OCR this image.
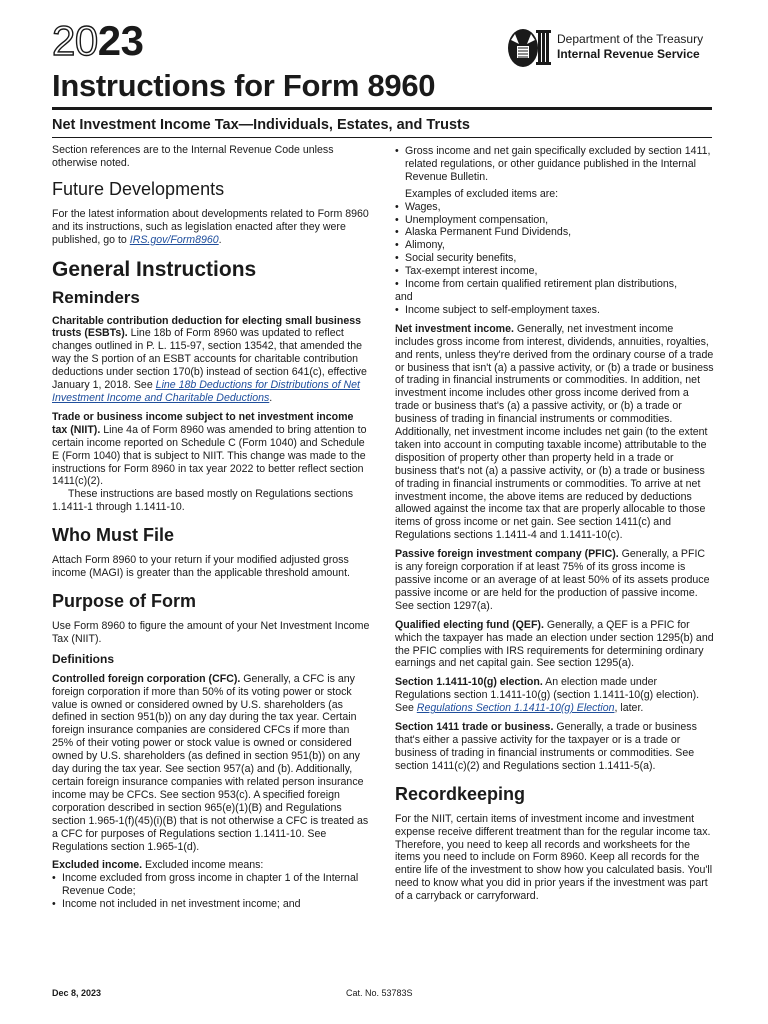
2023	Department of the Treasury
Internal Revenue Service
Instructions for Form 8960
Net Investment Income Tax—Individuals, Estates, and Trusts

Section references are to the Internal Revenue Code unless otherwise noted.

Future Developments

For the latest information about developments related to Form 8960 and its instructions, such as legislation enacted after they were published, go to IRS.gov/Form8960.

General Instructions
Reminders

Charitable contribution deduction for electing small business trusts (ESBTs). Line 18b of Form 8960 was updated to reflect changes outlined in P. L. 115-97, section 13542, that amended the way the S portion of an ESBT accounts for charitable contribution deductions under section 170(b) instead of section 641(c), effective January 1, 2018. See Line 18b Deductions for Distributions of Net Investment Income and Charitable Deductions.

Trade or business income subject to net investment income tax (NIIT). Line 4a of Form 8960 was amended to bring attention to certain income reported on Schedule C (Form 1040) and Schedule E (Form 1040) that is subject to NIIT. This change was made to the instructions for Form 8960 in tax year 2022 to better reflect section 1411(c)(2).

These instructions are based mostly on Regulations sections 1.1411-1 through 1.1411-10.

Who Must File

Attach Form 8960 to your return if your modified adjusted gross income (MAGI) is greater than the applicable threshold amount.

Purpose of Form

Use Form 8960 to figure the amount of your Net Investment Income Tax (NIIT).

Definitions

Controlled foreign corporation (CFC). Generally, a CFC is any foreign corporation if more than 50% of its voting power or stock value is owned or considered owned by U.S. shareholders (as defined in section 951(b)) on any day during the tax year. Certain foreign insurance companies are considered CFCs if more than 25% of their voting power or stock value is owned or considered owned by U.S. shareholders (as defined in section 951(b)) on any day during the tax year. See section 957(a) and (b). Additionally, certain foreign insurance companies with related person insurance income may be CFCs. See section 953(c). A specified foreign corporation described in section 965(e)(1)(B) and Regulations section 1.965-1(f)(45)(i)(B) that is not otherwise a CFC is treated as a CFC for purposes of Regulations section 1.1411-10. See Regulations section 1.965-1(d).

Excluded income. Excluded income means:

• Income excluded from gross income in chapter 1 of the Internal Revenue Code;
• Income not included in net investment income; and
• Gross income and net gain specifically excluded by section 1411, related regulations, or other guidance published in the Internal Revenue Bulletin.

Examples of excluded items are:

• Wages,
• Unemployment compensation,
• Alaska Permanent Fund Dividends,
• Alimony,
• Social security benefits,
• Tax-exempt interest income,
• Income from certain qualified retirement plan distributions,

and

• Income subject to self-employment taxes.

Net investment income. Generally, net investment income includes gross income from interest, dividends, annuities, royalties, and rents, unless they're derived from the ordinary course of a trade or business that isn't (a) a passive activity, or (b) a trade or business of trading in financial instruments or commodities. In addition, net investment income includes other gross income derived from a trade or business that's (a) a passive activity, or (b) a trade or business of trading in financial instruments or commodities. Additionally, net investment income includes net gain (to the extent taken into account in computing taxable income) attributable to the disposition of property other than property held in a trade or business that's not (a) a passive activity, or (b) a trade or business of trading in financial instruments or commodities. To arrive at net investment income, the above items are reduced by deductions allowed against the income tax that are properly allocable to those items of gross income or net gain. See section 1411(c) and Regulations sections 1.1411-4 and 1.1411-10(c).

Passive foreign investment company (PFIC). Generally, a PFIC is any foreign corporation if at least 75% of its gross income is passive income or an average of at least 50% of its assets produce passive income or are held for the production of passive income. See section 1297(a).

Qualified electing fund (QEF). Generally, a QEF is a PFIC for which the taxpayer has made an election under section 1295(b) and the PFIC complies with IRS requirements for determining ordinary earnings and net capital gain. See section 1295(a).

Section 1.1411-10(g) election. An election made under Regulations section 1.1411-10(g) (section 1.1411-10(g) election). See Regulations Section 1.1411-10(g) Election, later.

Section 1411 trade or business. Generally, a trade or business that's either a passive activity for the taxpayer or is a trade or business of trading in financial instruments or commodities. See section 1411(c)(2) and Regulations section 1.1411-5(a).

Recordkeeping

For the NIIT, certain items of investment income and investment expense receive different treatment than for the regular income tax. Therefore, you need to keep all records and worksheets for the items you need to include on Form 8960. Keep all records for the entire life of the investment to show how you calculated basis. You'll need to know what you did in prior years if the investment was part of a carryback or carryforward.

Dec 8, 2023	Cat. No. 53783S
